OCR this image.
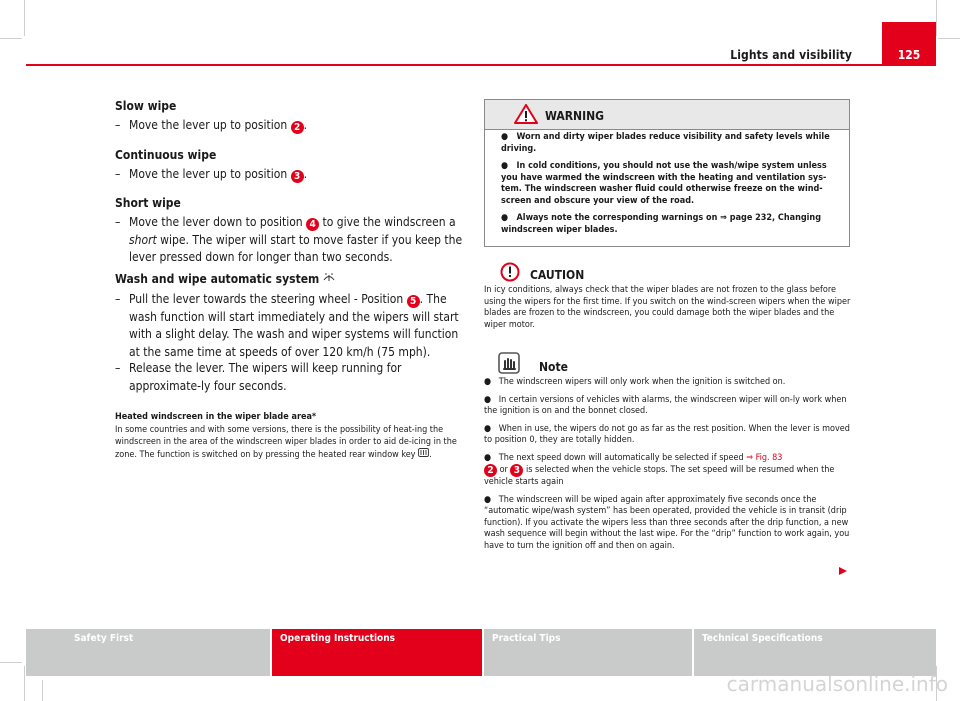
Lights and visibility	125
Slow wipe
– Move the lever up to position 2 .
Continuous wipe
– Move the lever up to position 3 .
Short wipe
– Move the lever down to position 4 to give the windscreen a short wipe. The wiper will start to move faster if you keep the lever pressed down for longer than two seconds.
Wash and wipe automatic system
– Pull the lever towards the steering wheel - Position 5 . The wash function will start immediately and the wipers will start with a slight delay. The wash and wiper systems will function at the same time at speeds of over 120 km/h (75 mph).
– Release the lever. The wipers will keep running for approximate-ly four seconds.
Heated windscreen in the wiper blade area*
In some countries and with some versions, there is the possibility of heat-ing the windscreen in the area of the windscreen wiper blades in order to aid de-icing in the zone. The function is switched on by pressing the heated rear window key .
WARNING

●   Worn and dirty wiper blades reduce visibility and safety levels while driving.

●   In cold conditions, you should not use the wash/wipe system unless you have warmed the windscreen with the heating and ventilation sys-tem. The windscreen washer fluid could otherwise freeze on the wind-screen and obscure your view of the road.

●   Always note the corresponding warnings on ⇒ page 232, Changing windscreen wiper blades.

CAUTION
In icy conditions, always check that the wiper blades are not frozen to the glass before using the wipers for the first time. If you switch on the wind-screen wipers when the wiper blades are frozen to the windscreen, you could damage both the wiper blades and the wiper motor.
Note

●   The windscreen wipers will only work when the ignition is switched on.

●   In certain versions of vehicles with alarms, the windscreen wiper will on-ly work when the ignition is on and the bonnet closed.

●   When in use, the wipers do not go as far as the rest position. When the lever is moved to position 0, they are totally hidden.

●   The next speed down will automatically be selected if speed ⇒ Fig. 83
2 or 3 is selected when the vehicle stops. The set speed will be resumed when the vehicle starts again

●   The windscreen will be wiped again after approximately five seconds once the “automatic wipe/wash system” has been operated, provided the vehicle is in transit (drip function). If you activate the wipers less than three seconds after the drip function, a new wash sequence will begin without the last wipe. For the “drip” function to work again, you have to turn the ignition off and then on again.

Safety First	Operating Instructions	Practical Tips	Technical Specifications
carmanualsonline.info
